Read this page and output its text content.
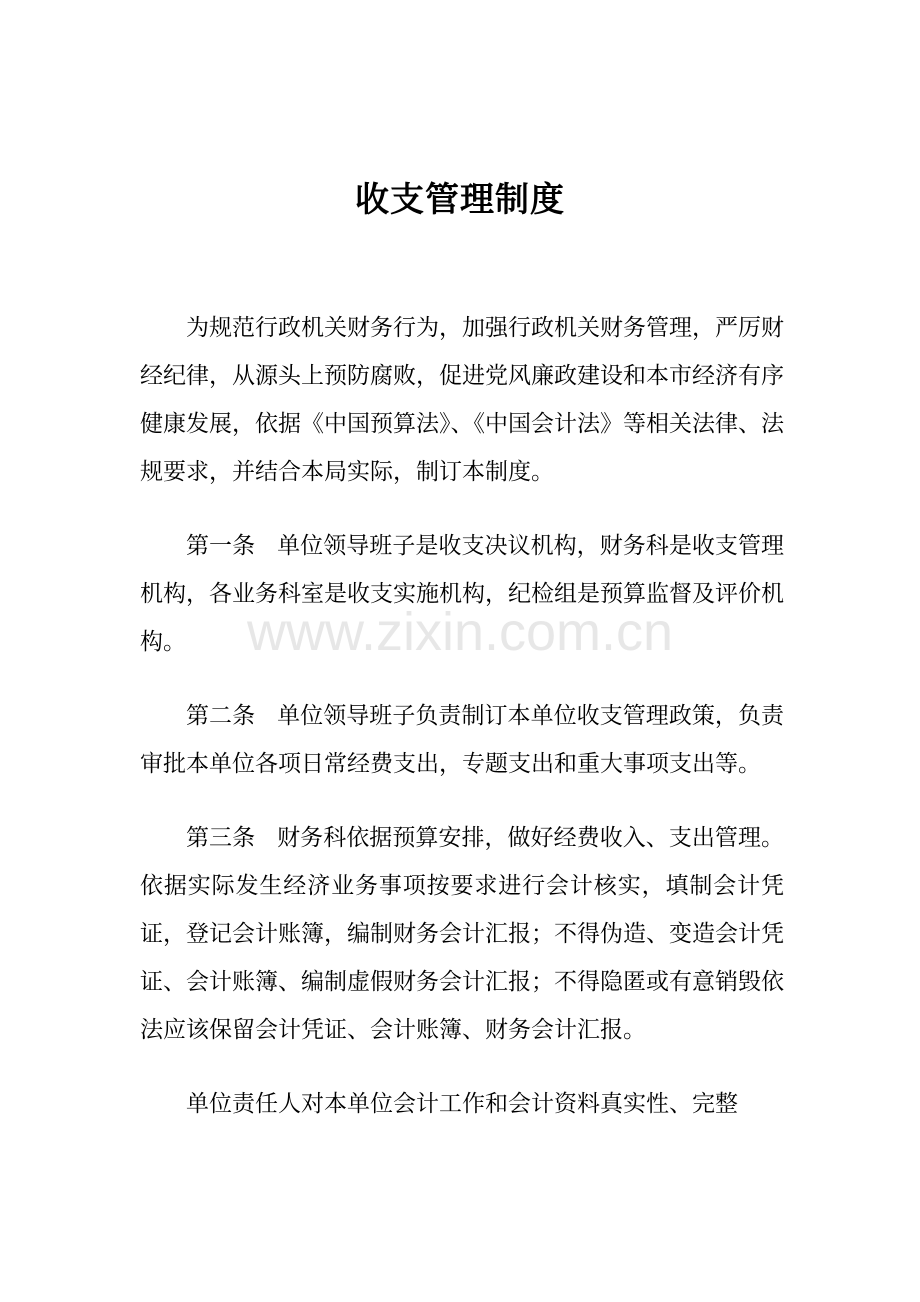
收支管理制度

为规范行政机关财务行为，加强行政机关财务管理，严厉财经纪律，从源头上预防腐败，促进党风廉政建设和本市经济有序健康发展，依据《中国预算法》、《中国会计法》等相关法律、法规要求，并结合本局实际，制订本制度。

第一条 单位领导班子是收支决议机构，财务科是收支管理机构，各业务科室是收支实施机构，纪检组是预算监督及评价机构。

第二条 单位领导班子负责制订本单位收支管理政策，负责审批本单位各项日常经费支出，专题支出和重大事项支出等。

第三条 财务科依据预算安排，做好经费收入、支出管理。依据实际发生经济业务事项按要求进行会计核实，填制会计凭证，登记会计账簿，编制财务会计汇报；不得伪造、变造会计凭证、会计账簿、编制虚假财务会计汇报；不得隐匿或有意销毁依法应该保留会计凭证、会计账簿、财务会计汇报。

单位责任人对本单位会计工作和会计资料真实性、完整

www.zixin.com.cn
